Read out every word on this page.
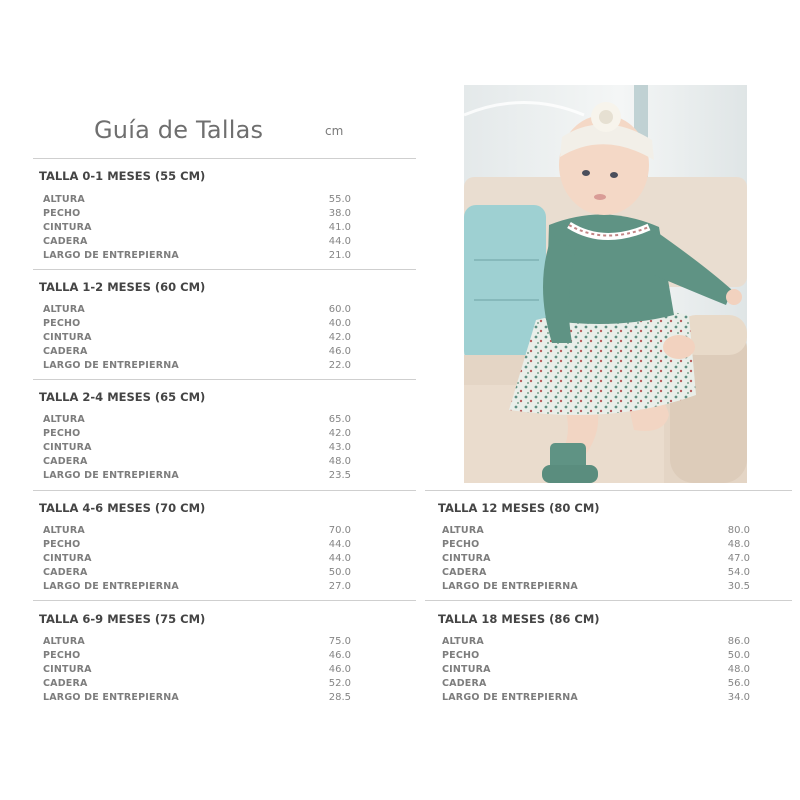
Guía de Tallas	cm
TALLA 0-1 MESES (55 CM)
ALTURA	55.0
PECHO	38.0
CINTURA	41.0
CADERA	44.0
LARGO DE ENTREPIERNA	21.0
TALLA 1-2 MESES (60 CM)
ALTURA	60.0
PECHO	40.0
CINTURA	42.0
CADERA	46.0
LARGO DE ENTREPIERNA	22.0
TALLA 2-4 MESES (65 CM)
ALTURA	65.0
PECHO	42.0
CINTURA	43.0
CADERA	48.0
LARGO DE ENTREPIERNA	23.5
TALLA 4-6 MESES (70 CM)
ALTURA	70.0
PECHO	44.0
CINTURA	44.0
CADERA	50.0
LARGO DE ENTREPIERNA	27.0
TALLA 6-9 MESES (75 CM)
ALTURA	75.0
PECHO	46.0
CINTURA	46.0
CADERA	52.0
LARGO DE ENTREPIERNA	28.5
TALLA 12 MESES (80 CM)
ALTURA	80.0
PECHO	48.0
CINTURA	47.0
CADERA	54.0
LARGO DE ENTREPIERNA	30.5
TALLA 18 MESES (86 CM)
ALTURA	86.0
PECHO	50.0
CINTURA	48.0
CADERA	56.0
LARGO DE ENTREPIERNA	34.0
